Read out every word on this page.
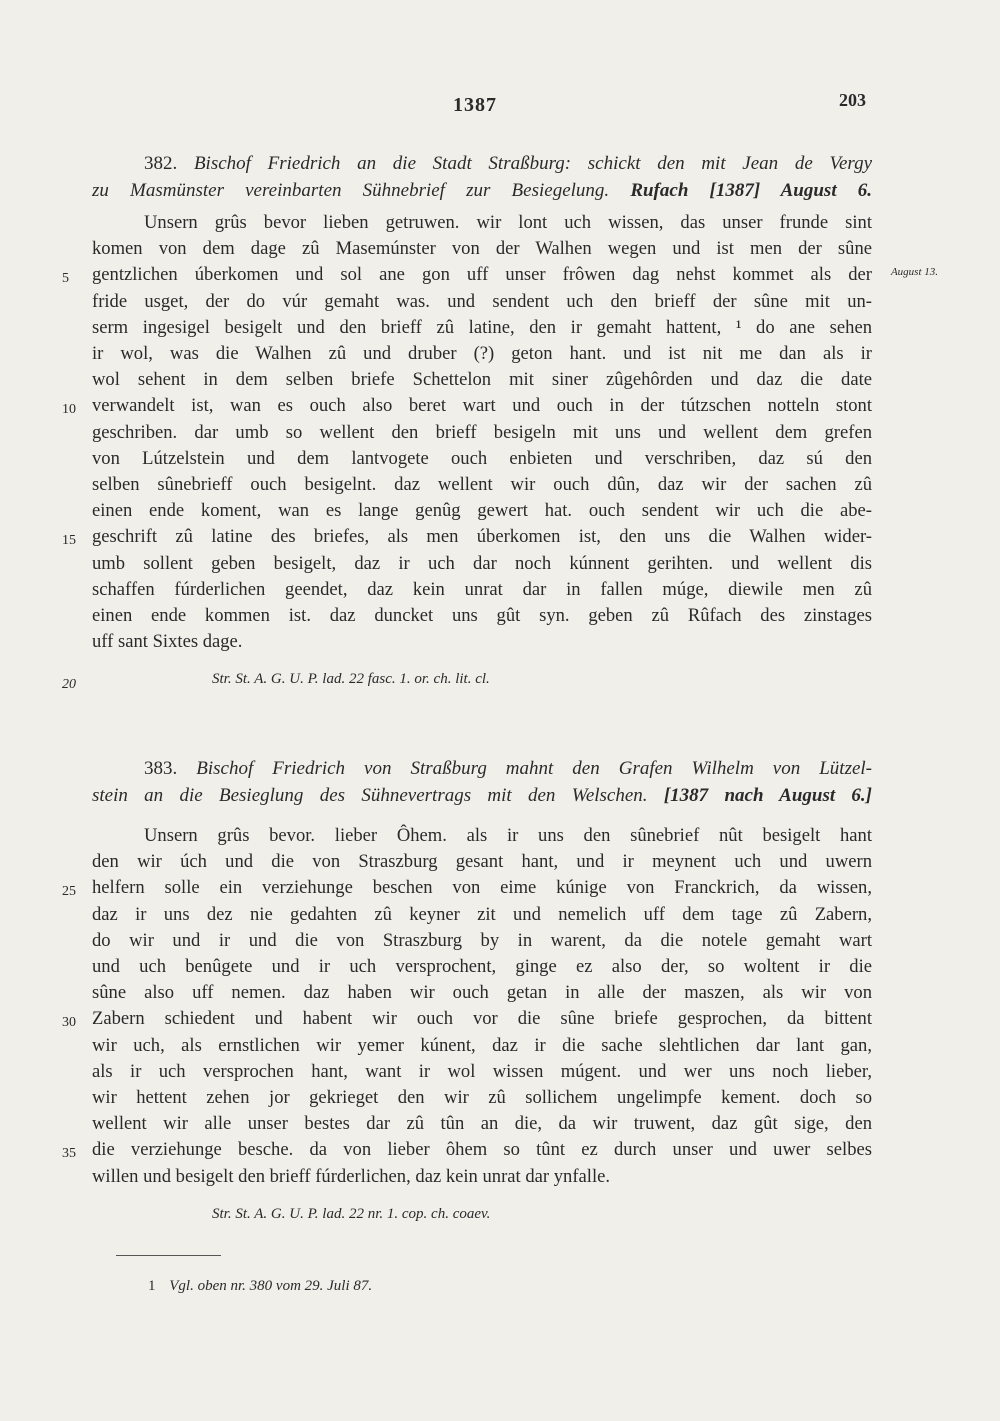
1387	203
382. Bischof Friedrich an die Stadt Straßburg: schickt den mit Jean de Vergy
zu Masmünster vereinbarten Sühnebrief zur Besiegelung. Rufach [1387] August 6.
Unsern grûs bevor lieben getruwen. wir lont uch wissen, das unser frunde sint
komen von dem dage zû Masemúnster von der Walhen wegen und ist men der sûne
5 gentzlichen úberkomen und sol ane gon uff unser frôwen dag nehst kommet als der
fride usget, der do vúr gemaht was. und sendent uch den brieff der sûne mit un-
serm ingesigel besigelt und den brieff zû latine, den ir gemaht hattent, ¹ do ane sehen
ir wol, was die Walhen zû und druber (?) geton hant. und ist nit me dan als ir
wol sehent in dem selben briefe Schettelon mit siner zûgehôrden und daz die date
10 verwandelt ist, wan es ouch also beret wart und ouch in der tútzschen notteln stont
geschriben. dar umb so wellent den brieff besigeln mit uns und wellent dem grefen
von Lútzelstein und dem lantvogete ouch enbieten und verschriben, daz sú den
selben sûnebrieff ouch besigelnt. daz wellent wir ouch dûn, daz wir der sachen zû
einen ende koment, wan es lange genûg gewert hat. ouch sendent wir uch die abe-
15 geschrift zû latine des briefes, als men úberkomen ist, den uns die Walhen wider-
umb sollent geben besigelt, daz ir uch dar noch kúnnent gerihten. und wellent dis
schaffen fúrderlichen geendet, daz kein unrat dar in fallen múge, diewile men zû
einen ende kommen ist. daz duncket uns gût syn. geben zû Rûfach des zinstages
uff sant Sixtes dage.
20	Str. St. A. G. U. P. lad. 22 fasc. 1. or. ch. lit. cl.
August 13.
383. Bischof Friedrich von Straßburg mahnt den Grafen Wilhelm von Lützel-
stein an die Besieglung des Sühnevertrags mit den Welschen. [1387 nach August 6.]
Unsern grûs bevor. lieber Ôhem. als ir uns den sûnebrief nût besigelt hant
den wir úch und die von Straszburg gesant hant, und ir meynent uch und uwern
25 helfern solle ein verziehunge beschen von eime kúnige von Franckrich, da wissen,
daz ir uns dez nie gedahten zû keyner zit und nemelich uff dem tage zû Zabern,
do wir und ir und die von Straszburg by in warent, da die notele gemaht wart
und uch benûgete und ir uch versprochent, ginge ez also der, so woltent ir die
sûne also uff nemen. daz haben wir ouch getan in alle der maszen, als wir von
30 Zabern schiedent und habent wir ouch vor die sûne briefe gesprochen, da bittent
wir uch, als ernstlichen wir yemer kúnent, daz ir die sache slehtlichen dar lant gan,
als ir uch versprochen hant, want ir wol wissen múgent. und wer uns noch lieber,
wir hettent zehen jor gekrieget den wir zû sollichem ungelimpfe kement. doch so
wellent wir alle unser bestes dar zû tûn an die, da wir truwent, daz gût sige, den
35 die verziehunge besche. da von lieber ôhem so tûnt ez durch unser und uwer selbes
willen und besigelt den brieff fúrderlichen, daz kein unrat dar ynfalle.
Str. St. A. G. U. P. lad. 22 nr. 1. cop. ch. coaev.
1 Vgl. oben nr. 380 vom 29. Juli 87.
